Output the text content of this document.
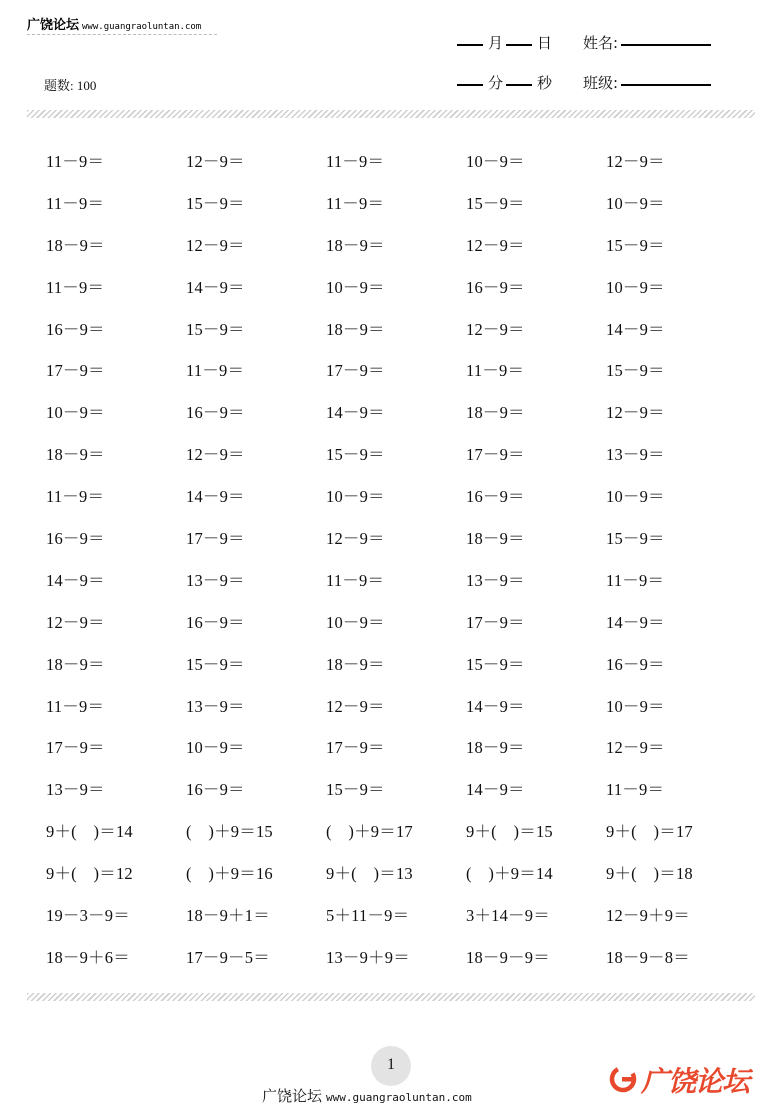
广饶论坛 www.guangraoluntan.com
题数: 100
月 日 姓名:
分 秒 班级:
11－9＝	12－9＝	11－9＝	10－9＝	12－9＝
11－9＝	15－9＝	11－9＝	15－9＝	10－9＝
18－9＝	12－9＝	18－9＝	12－9＝	15－9＝
11－9＝	14－9＝	10－9＝	16－9＝	10－9＝
16－9＝	15－9＝	18－9＝	12－9＝	14－9＝
17－9＝	11－9＝	17－9＝	11－9＝	15－9＝
10－9＝	16－9＝	14－9＝	18－9＝	12－9＝
18－9＝	12－9＝	15－9＝	17－9＝	13－9＝
11－9＝	14－9＝	10－9＝	16－9＝	10－9＝
16－9＝	17－9＝	12－9＝	18－9＝	15－9＝
14－9＝	13－9＝	11－9＝	13－9＝	11－9＝
12－9＝	16－9＝	10－9＝	17－9＝	14－9＝
18－9＝	15－9＝	18－9＝	15－9＝	16－9＝
11－9＝	13－9＝	12－9＝	14－9＝	10－9＝
17－9＝	10－9＝	17－9＝	18－9＝	12－9＝
13－9＝	16－9＝	15－9＝	14－9＝	11－9＝
9＋(　)＝14	(　)＋9＝15	(　)＋9＝17	9＋(　)＝15	9＋(　)＝17
9＋(　)＝12	(　)＋9＝16	9＋(　)＝13	(　)＋9＝14	9＋(　)＝18
19－3－9＝	18－9＋1＝	5＋11－9＝	3＋14－9＝	12－9＋9＝
18－9＋6＝	17－9－5＝	13－9＋9＝	18－9－9＝	18－9－8＝
1
广饶论坛 www.guangraoluntan.com	广饶论坛
